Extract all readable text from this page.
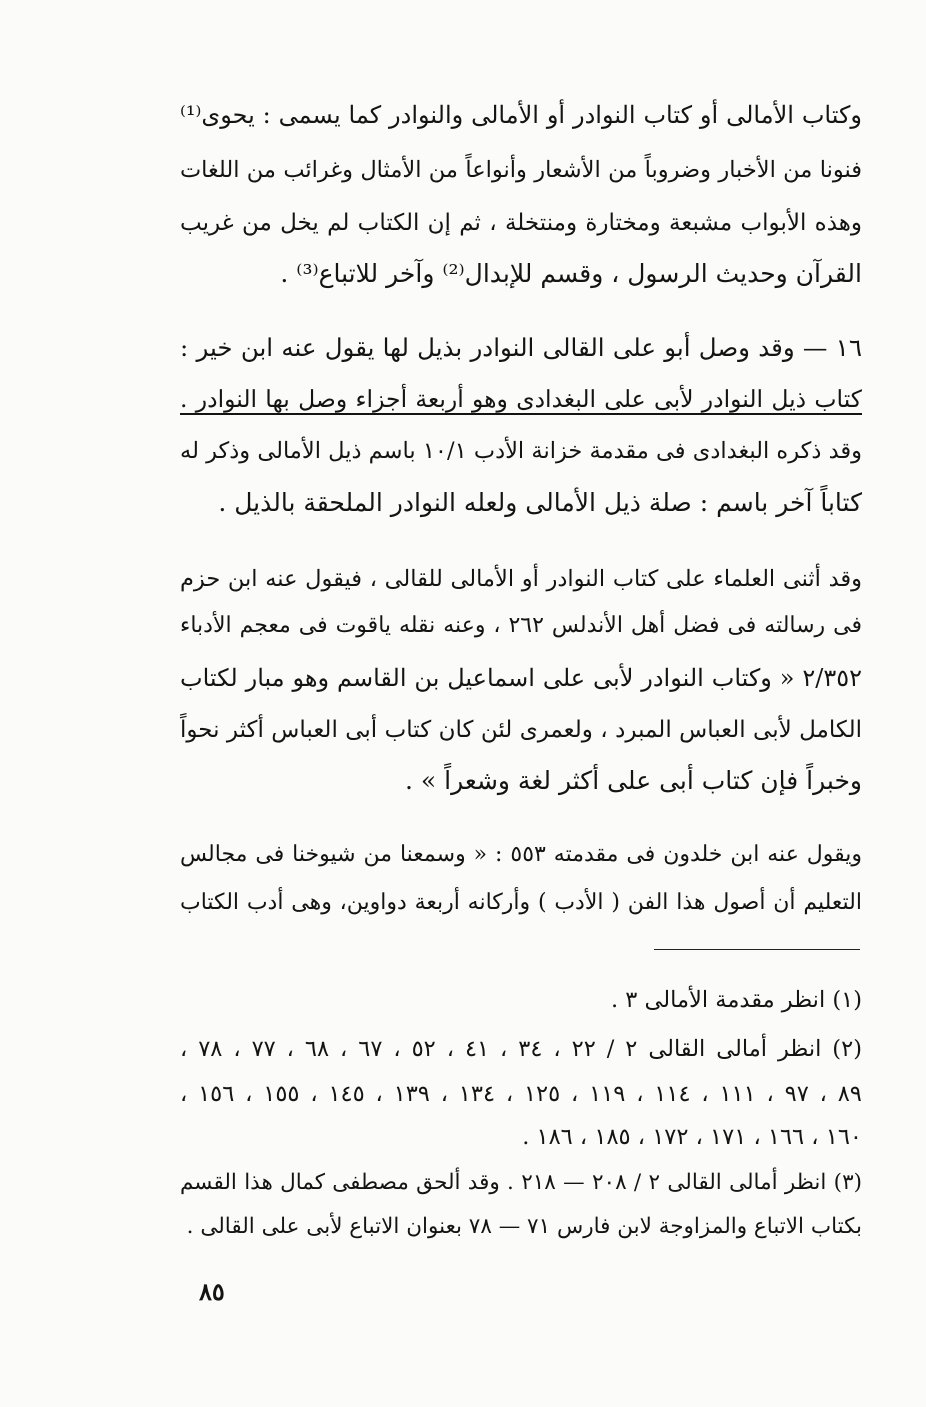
وكتاب الأمالى أو كتاب النوادر أو الأمالى والنوادر كما يسمى : يحوى⁽¹⁾
فنونا من الأخبار وضروباً من الأشعار وأنواعاً من الأمثال وغرائب من اللغات
وهذه الأبواب مشبعة ومختارة ومنتخلة ، ثم إن الكتاب لم يخل من غريب
القرآن وحديث الرسول ، وقسم للإبدال⁽²⁾ وآخر للاتباع⁽³⁾ .
١٦ — وقد وصل أبو على القالى النوادر بذيل لها يقول عنه ابن خير :
كتاب ذيل النوادر لأبى على البغدادى وهو أربعة أجزاء وصل بها النوادر .
وقد ذكره البغدادى فى مقدمة خزانة الأدب ١٠/١ باسم ذيل الأمالى وذكر له
كتاباً آخر باسم : صلة ذيل الأمالى ولعله النوادر الملحقة بالذيل .
وقد أثنى العلماء على كتاب النوادر أو الأمالى للقالى ، فيقول عنه ابن حزم
فى رسالته فى فضل أهل الأندلس ٢٦٢ ، وعنه نقله ياقوت فى معجم الأدباء
٢/٣٥٢ « وكتاب النوادر لأبى على اسماعيل بن القاسم وهو مبار لكتاب
الكامل لأبى العباس المبرد ، ولعمرى لئن كان كتاب أبى العباس أكثر نحواً
وخبراً فإن كتاب أبى على أكثر لغة وشعراً » .
ويقول عنه ابن خلدون فى مقدمته ٥٥٣ : « وسمعنا من شيوخنا فى مجالس
التعليم أن أصول هذا الفن ( الأدب ) وأركانه أربعة دواوين، وهى أدب الكتاب
(١) انظر مقدمة الأمالى ٣ .
(٢) انظر أمالى القالى ٢ / ٢٢ ، ٣٤ ، ٤١ ، ٥٢ ، ٦٧ ، ٦٨ ، ٧٧ ، ٧٨ ،
٨٩ ، ٩٧ ، ١١١ ، ١١٤ ، ١١٩ ، ١٢٥ ، ١٣٤ ، ١٣٩ ، ١٤٥ ، ١٥٥ ، ١٥٦ ،
١٦٠ ، ١٦٦ ، ١٧١ ، ١٧٢ ، ١٨٥ ، ١٨٦ .
(٣) انظر أمالى القالى ٢ / ٢٠٨ — ٢١٨ . وقد ألحق مصطفى كمال هذا القسم
بكتاب الاتباع والمزاوجة لابن فارس ٧١ — ٧٨ بعنوان الاتباع لأبى على القالى .
٨٥
